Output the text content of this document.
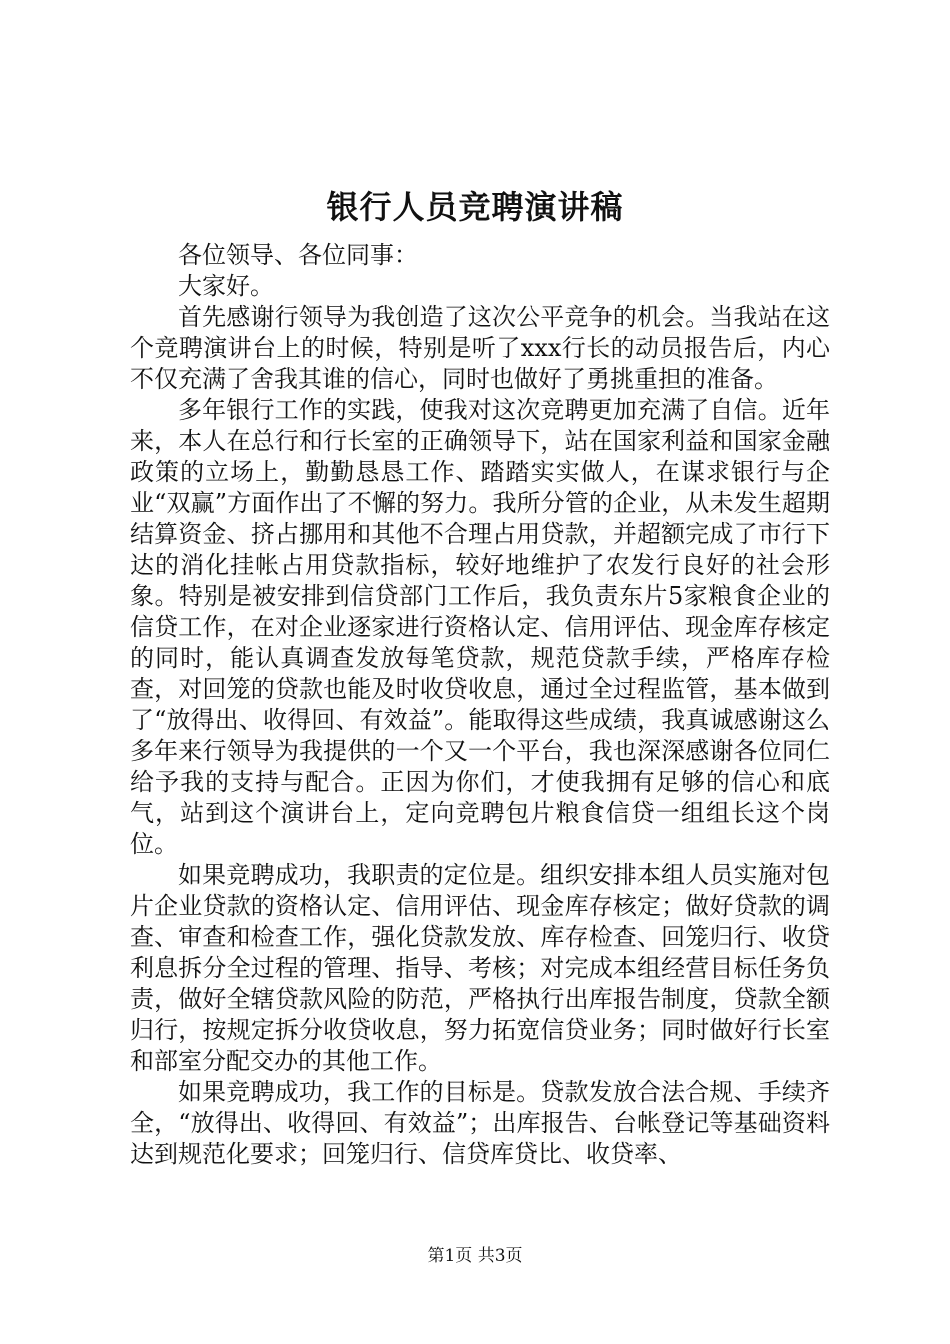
银行人员竞聘演讲稿

各位领导、各位同事：

大家好。

首先感谢行领导为我创造了这次公平竞争的机会。当我站在这个竞聘演讲台上的时候，特别是听了xxx行长的动员报告后，内心不仅充满了舍我其谁的信心，同时也做好了勇挑重担的准备。

多年银行工作的实践，使我对这次竞聘更加充满了自信。近年来，本人在总行和行长室的正确领导下，站在国家利益和国家金融政策的立场上，勤勤恳恳工作、踏踏实实做人，在谋求银行与企业“双赢”方面作出了不懈的努力。我所分管的企业，从未发生超期结算资金、挤占挪用和其他不合理占用贷款，并超额完成了市行下达的消化挂帐占用贷款指标，较好地维护了农发行良好的社会形象。特别是被安排到信贷部门工作后，我负责东片5家粮食企业的信贷工作，在对企业逐家进行资格认定、信用评估、现金库存核定的同时，能认真调查发放每笔贷款，规范贷款手续，严格库存检查，对回笼的贷款也能及时收贷收息，通过全过程监管，基本做到了“放得出、收得回、有效益”。能取得这些成绩，我真诚感谢这么多年来行领导为我提供的一个又一个平台，我也深深感谢各位同仁给予我的支持与配合。正因为你们，才使我拥有足够的信心和底气，站到这个演讲台上，定向竞聘包片粮食信贷一组组长这个岗位。

如果竞聘成功，我职责的定位是。组织安排本组人员实施对包片企业贷款的资格认定、信用评估、现金库存核定；做好贷款的调查、审查和检查工作，强化贷款发放、库存检查、回笼归行、收贷利息拆分全过程的管理、指导、考核；对完成本组经营目标任务负责，做好全辖贷款风险的防范，严格执行出库报告制度，贷款全额归行，按规定拆分收贷收息，努力拓宽信贷业务；同时做好行长室和部室分配交办的其他工作。

如果竞聘成功，我工作的目标是。贷款发放合法合规、手续齐全，“放得出、收得回、有效益”；出库报告、台帐登记等基础资料达到规范化要求；回笼归行、信贷库贷比、收贷率、

第1页 共3页
